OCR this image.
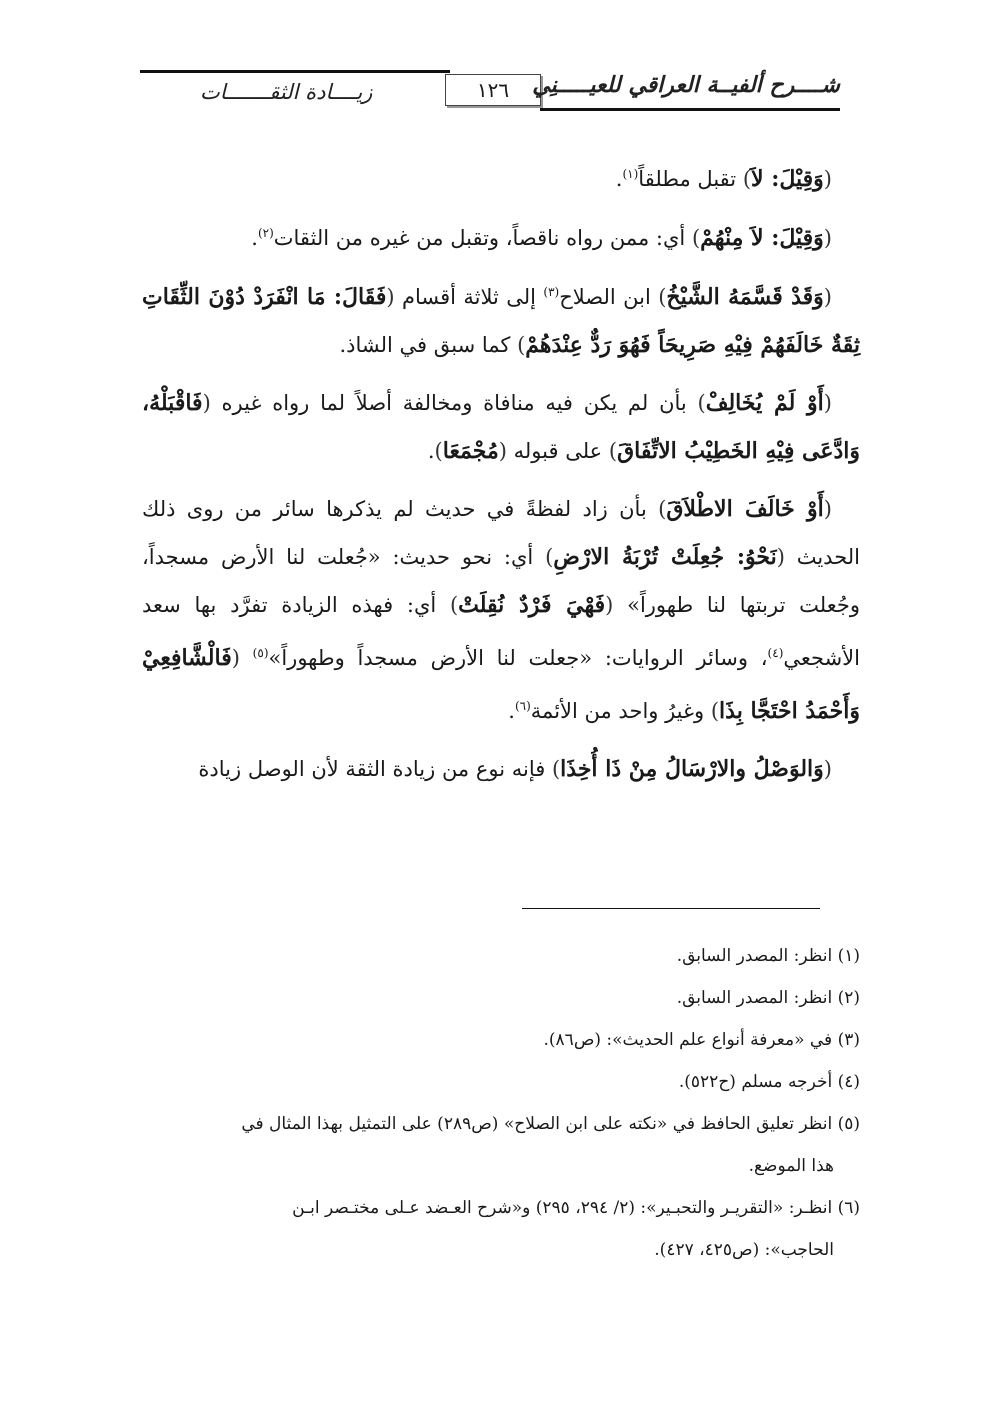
زيــــادة الثقـــــــات	١٢٦	شــــرح ألفيــة العراقي للعيـــــنِي

(وَقِيْلَ: لاَ) تقبل مطلقاً$^{(١)}$.

(وَقِيْلَ: لاَ مِنْهُمْ) أي: ممن رواه ناقصاً، وتقبل من غيره من الثقات$^{(٢)}$.

(وَقَدْ قَسَّمَهُ الشَّيْخُ) ابن الصلاح$^{(٣)}$ إلى ثلاثة أقسام (فَقَالَ: مَا انْفَرَدْ دُوْنَ الثِّقَاتِ ثِقَةٌ خَالَفَهُمْ فِيْهِ صَرِيحَاً فَهُوَ رَدٌّ عِنْدَهُمْ) كما سبق في الشاذ.

(أَوْ لَمْ يُخَالِفْ) بأن لم يكن فيه منافاة ومخالفة أصلاً لما رواه غيره (فَاقْبَلْهُ، وَادَّعَى فِيْهِ الخَطِيْبُ الاتِّفَاقَ) على قبوله (مُجْمَعَا).

(أَوْ خَالَفَ الاطْلاَقَ) بأن زاد لفظةً في حديث لم يذكرها سائر من روى ذلك الحديث (نَحْوُ: جُعِلَتْ تُرْبَةُ الارْضِ) أي: نحو حديث: «جُعلت لنا الأرض مسجداً، وجُعلت تربتها لنا طهوراً» (فَهْيَ فَرْدٌ نُقِلَتْ) أي: فهذه الزيادة تفرَّد بها سعد الأشجعي$^{(٤)}$، وسائر الروايات: «جعلت لنا الأرض مسجداً وطهوراً»$^{(٥)}$ (فَالْشَّافِعِيْ وَأَحْمَدُ احْتَجَّا بِذَا) وغيرُ واحد من الأئمة$^{(٦)}$.

(وَالوَصْلُ والارْسَالُ مِنْ ذَا أُخِذَا) فإنه نوع من زيادة الثقة لأن الوصل زيادة

(١) انظر: المصدر السابق.

(٢) انظر: المصدر السابق.

(٣) في «معرفة أنواع علم الحديث»: (ص٨٦).

(٤) أخرجه مسلم (ح٥٢٢).

(٥) انظر تعليق الحافظ في «نكته على ابن الصلاح» (ص٢٨٩) على التمثيل بهذا المثال في

هذا الموضع.

(٦) انظـر: «التقريـر والتحبـير»: (٢/ ٢٩٤، ٢٩٥) و«شرح العـضد عـلى مختـصر ابـن

الحاجب»: (ص٤٢٥، ٤٢٧).
